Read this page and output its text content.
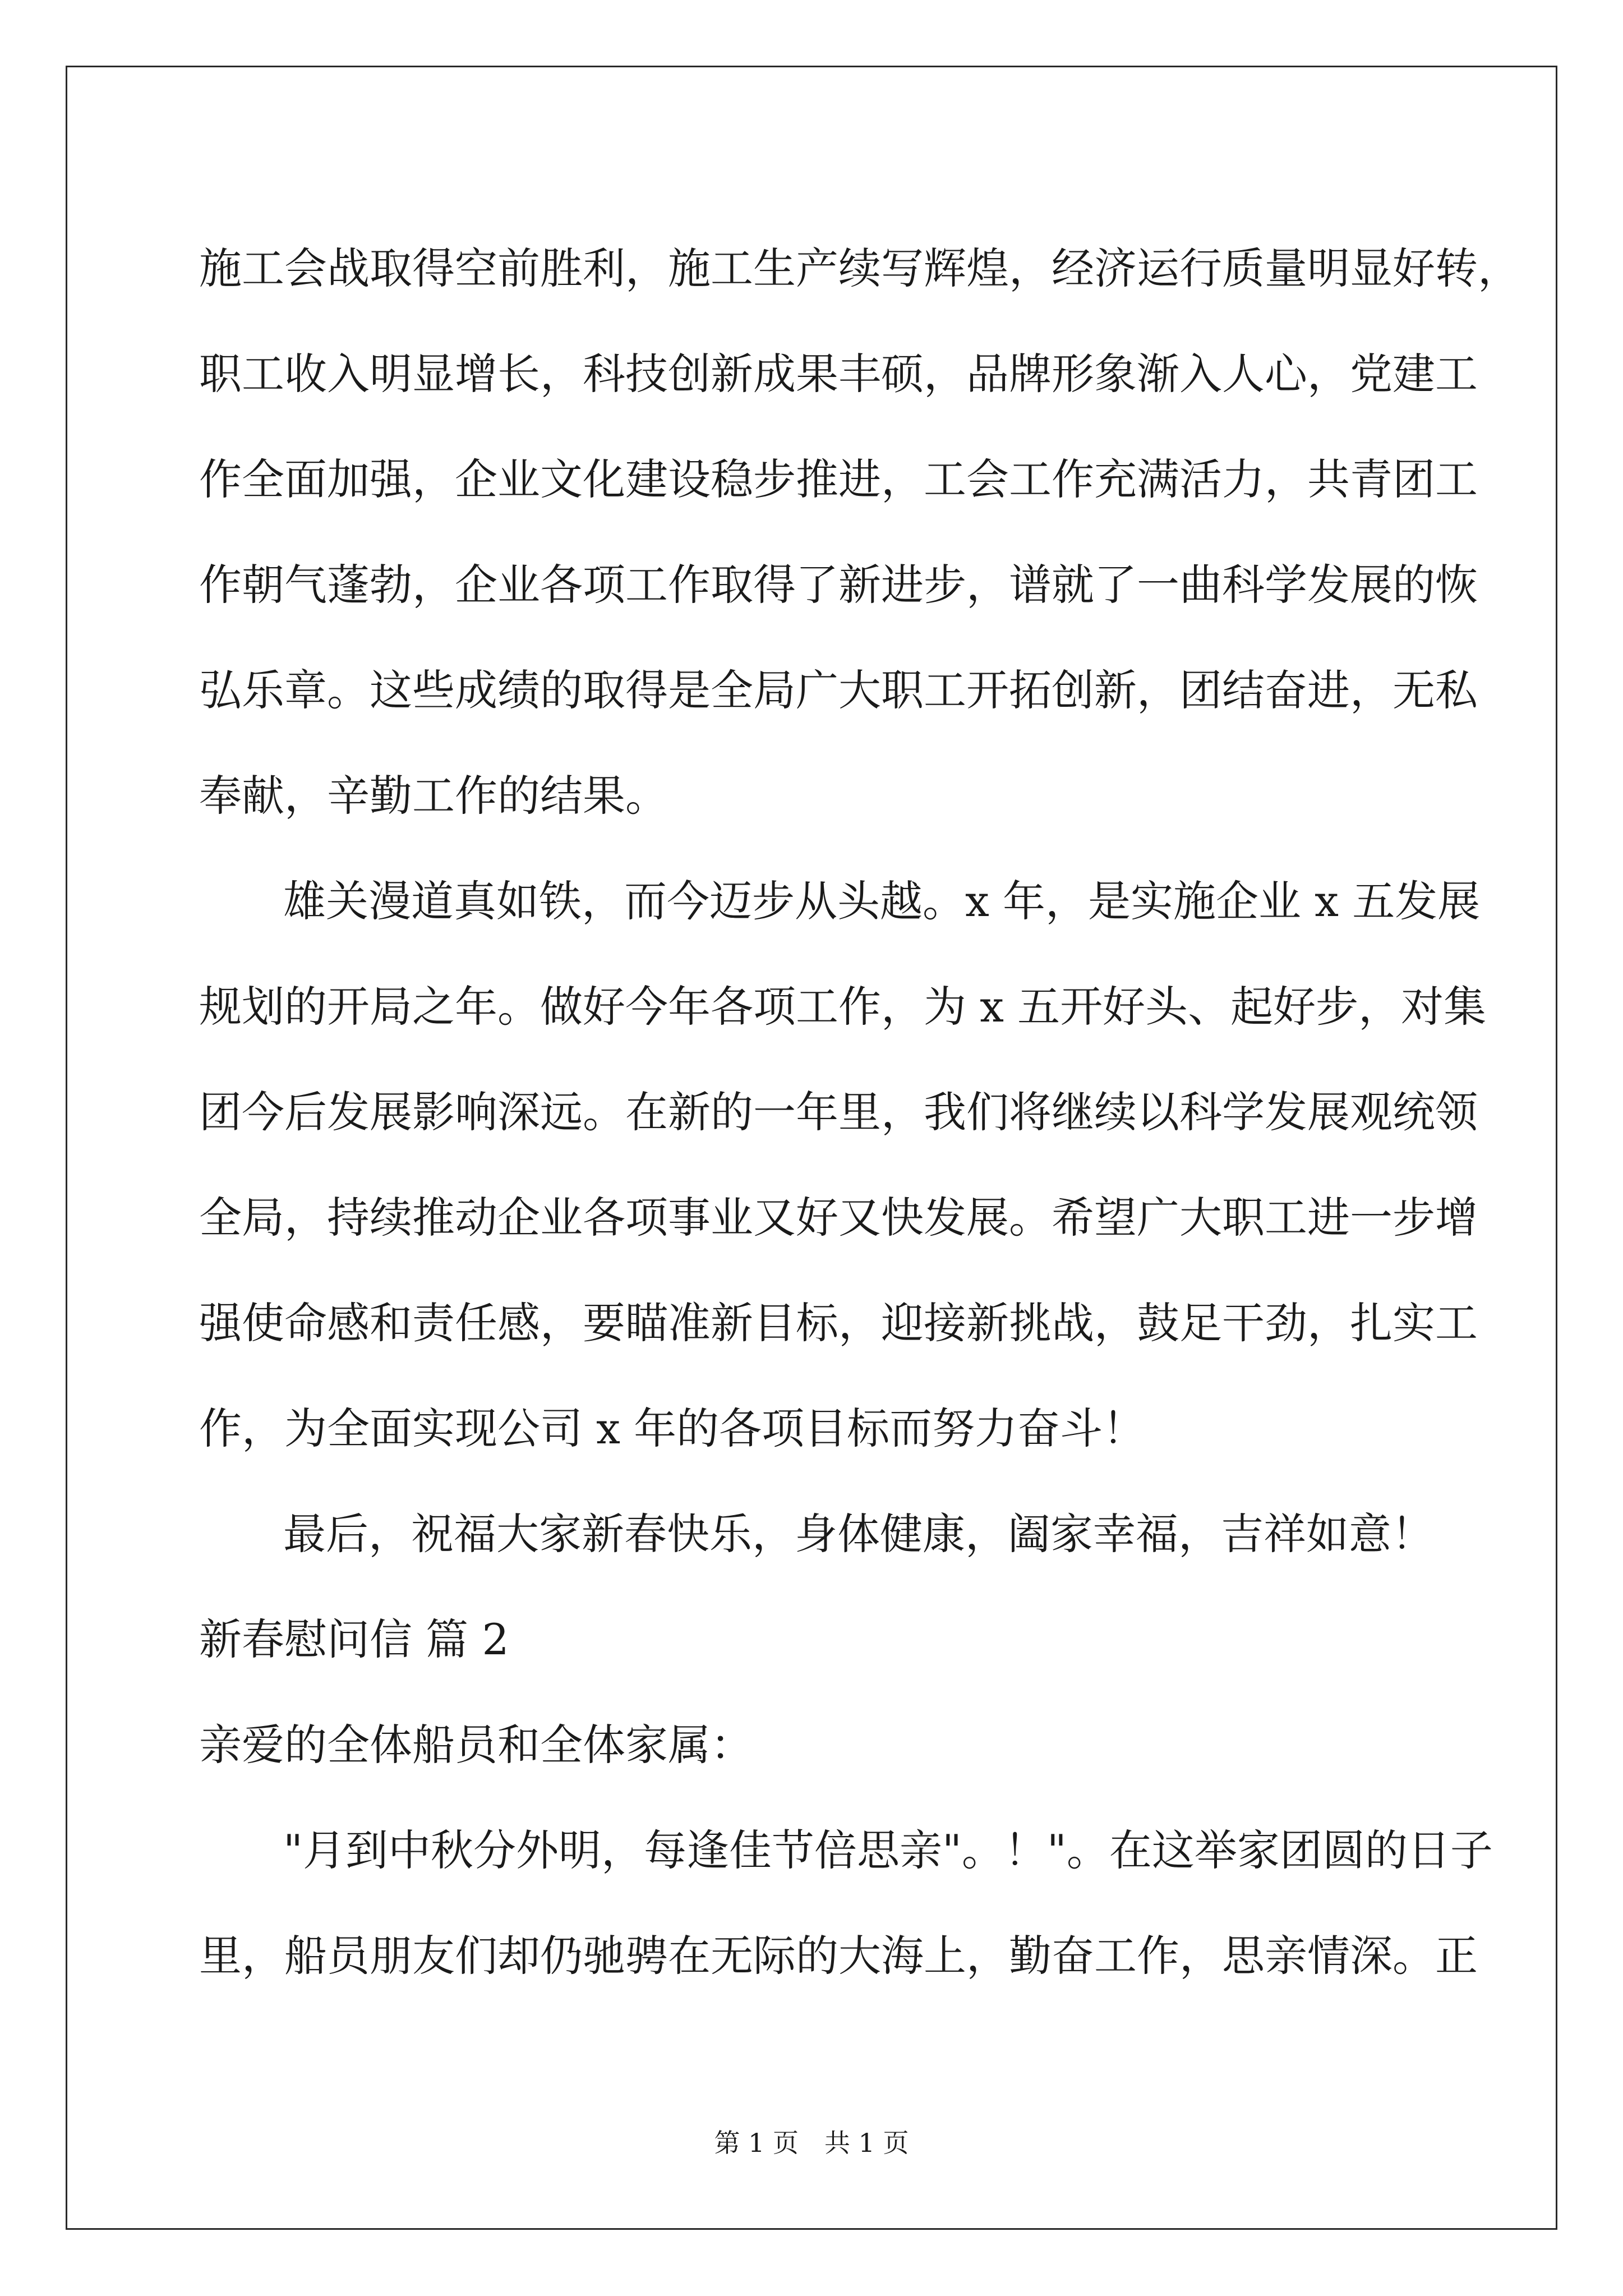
施工会战取得空前胜利，施工生产续写辉煌，经济运行质量明显好转，
职工收入明显增长，科技创新成果丰硕，品牌形象渐入人心，党建工
作全面加强，企业文化建设稳步推进，工会工作充满活力，共青团工
作朝气蓬勃，企业各项工作取得了新进步，谱就了一曲科学发展的恢
弘乐章。这些成绩的取得是全局广大职工开拓创新，团结奋进，无私
奉献，辛勤工作的结果。
雄关漫道真如铁，而今迈步从头越。x 年，是实施企业 x 五发展
规划的开局之年。做好今年各项工作，为 x 五开好头、起好步，对集
团今后发展影响深远。在新的一年里，我们将继续以科学发展观统领
全局，持续推动企业各项事业又好又快发展。希望广大职工进一步增
强使命感和责任感，要瞄准新目标，迎接新挑战，鼓足干劲，扎实工
作，为全面实现公司 x 年的各项目标而努力奋斗！
最后，祝福大家新春快乐，身体健康，阖家幸福，吉祥如意！
新春慰问信 篇 2
亲爱的全体船员和全体家属：
"月到中秋分外明，每逢佳节倍思亲"。！"。在这举家团圆的日子
里，船员朋友们却仍驰骋在无际的大海上，勤奋工作，思亲情深。正
第 1 页　共 1 页
